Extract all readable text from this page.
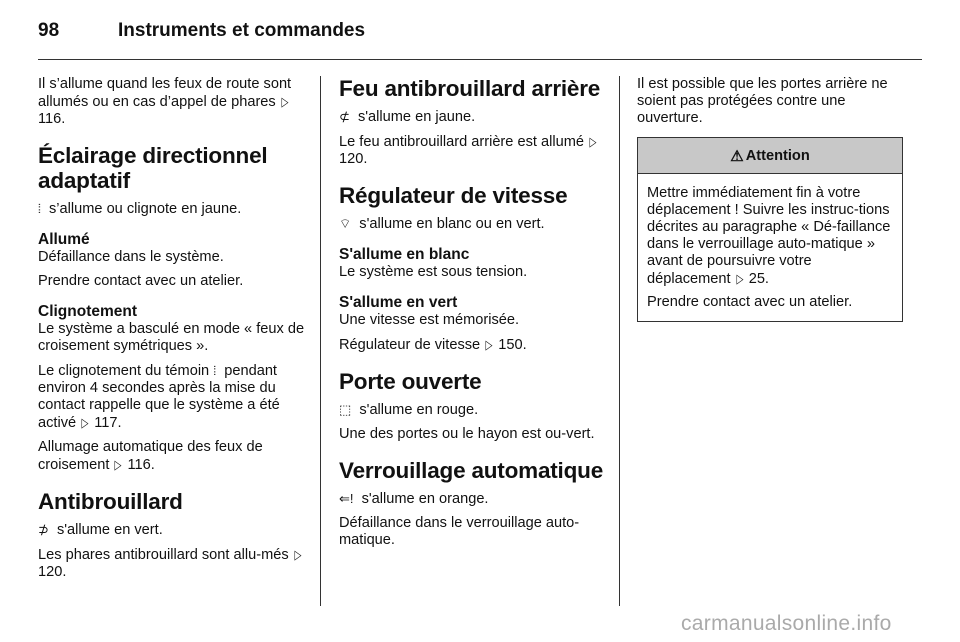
98	Instruments et commandes

Il s’allume quand les feux de route sont allumés ou en cas d’appel de phares ▷ 116.

Éclairage directionnel adaptatif

⦙ s’allume ou clignote en jaune.

Allumé

Défaillance dans le système.

Prendre contact avec un atelier.

Clignotement

Le système a basculé en mode « feux de croisement symétriques ».

Le clignotement du témoin ⦙ pendant environ 4 secondes après la mise du contact rappelle que le système a été activé ▷ 117.

Allumage automatique des feux de croisement ▷ 116.

Antibrouillard

⊅ s'allume en vert.

Les phares antibrouillard sont allu-més ▷ 120.

Feu antibrouillard arrière

⊄ s'allume en jaune.

Le feu antibrouillard arrière est allumé ▷ 120.

Régulateur de vitesse

⌔ s'allume en blanc ou en vert.

S'allume en blanc

Le système est sous tension.

S'allume en vert

Une vitesse est mémorisée.

Régulateur de vitesse ▷ 150.

Porte ouverte

⬚ s'allume en rouge.

Une des portes ou le hayon est ou-vert.

Verrouillage automatique

⇐! s'allume en orange.

Défaillance dans le verrouillage auto-matique.

Il est possible que les portes arrière ne soient pas protégées contre une ouverture.

⚠ Attention

Mettre immédiatement fin à votre déplacement ! Suivre les instruc-tions décrites au paragraphe « Dé-faillance dans le verrouillage auto-matique » avant de poursuivre votre déplacement ▷ 25.

Prendre contact avec un atelier.

carmanualsonline.info
